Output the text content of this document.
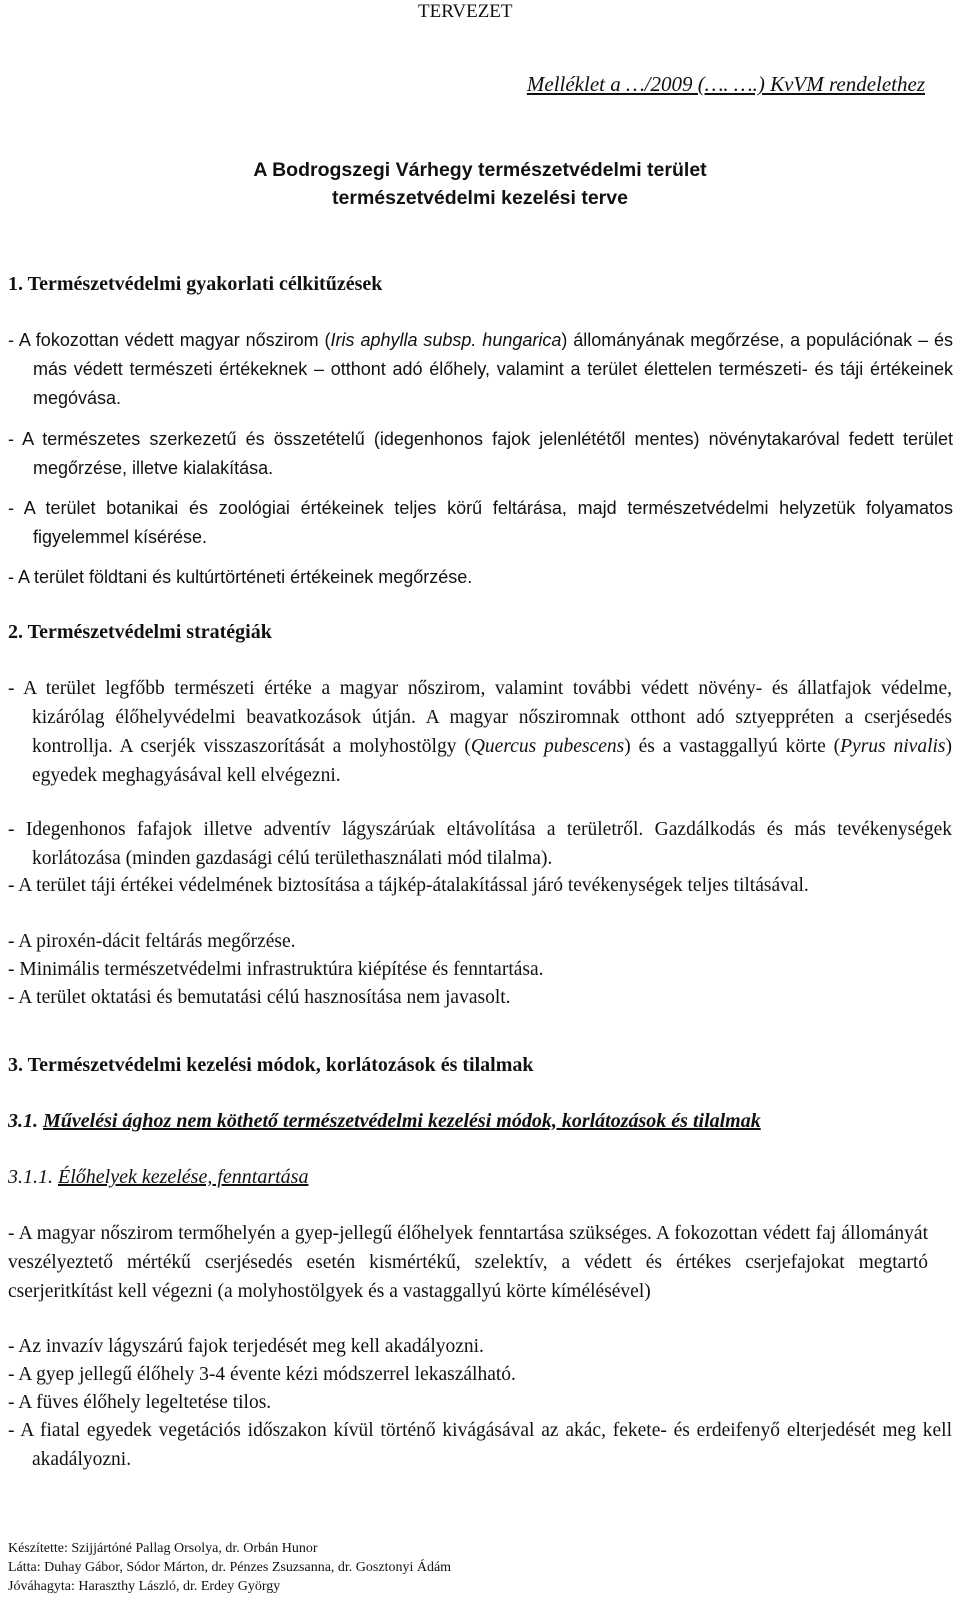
TERVEZET
Melléklet a …/2009 (…. ….) KvVM rendelethez
A Bodrogszegi Várhegy természetvédelmi terület
természetvédelmi kezelési terve
1. Természetvédelmi gyakorlati célkitűzések
- A fokozottan védett magyar nőszirom (Iris aphylla subsp. hungarica) állományának megőrzése, a populációnak – és más védett természeti értékeknek – otthont adó élőhely, valamint a terület élettelen természeti- és táji értékeinek megóvása.
- A természetes szerkezetű és összetételű (idegenhonos fajok jelenlététől mentes) növénytakaróval fedett terület megőrzése, illetve kialakítása.
- A terület botanikai és zoológiai értékeinek teljes körű feltárása, majd természetvédelmi helyzetük folyamatos figyelemmel kísérése.
- A terület földtani és kultúrtörténeti értékeinek megőrzése.
2. Természetvédelmi stratégiák
- A terület legfőbb természeti értéke a magyar nőszirom, valamint további védett növény- és állatfajok védelme, kizárólag élőhelyvédelmi beavatkozások útján. A magyar nősziromnak otthont adó sztyeppréten a cserjésedés kontrollja. A cserjék visszaszorítását a molyhostölgy (Quercus pubescens) és a vastaggallyú körte (Pyrus nivalis) egyedek meghagyásával kell elvégezni.
- Idegenhonos fafajok illetve adventív lágyszárúak eltávolítása a területről. Gazdálkodás és más tevékenységek korlátozása (minden gazdasági célú területhasználati mód tilalma).
- A terület táji értékei védelmének biztosítása a tájkép-átalakítással járó tevékenységek teljes tiltásával.
- A piroxén-dácit feltárás megőrzése.
- Minimális természetvédelmi infrastruktúra kiépítése és fenntartása.
- A terület oktatási és bemutatási célú hasznosítása nem javasolt.
3. Természetvédelmi kezelési módok, korlátozások és tilalmak
3.1. Művelési ághoz nem köthető természetvédelmi kezelési módok, korlátozások és tilalmak
3.1.1. Élőhelyek kezelése, fenntartása
- A magyar nőszirom termőhelyén a gyep-jellegű élőhelyek fenntartása szükséges. A fokozottan védett faj állományát veszélyeztető mértékű cserjésedés esetén kismértékű, szelektív, a védett és értékes cserjefajokat megtartó cserjeritkítást kell végezni (a molyhostölgyek és a vastaggallyú körte kímélésével)
- Az invazív lágyszárú fajok terjedését meg kell akadályozni.
- A gyep jellegű élőhely 3-4 évente kézi módszerrel lekaszálható.
- A füves élőhely legeltetése tilos.
- A fiatal egyedek vegetációs időszakon kívül történő kivágásával az akác, fekete- és erdeifenyő elterjedését meg kell akadályozni.
Készítette: Szijjártóné Pallag Orsolya, dr. Orbán Hunor
Látta: Duhay Gábor, Sódor Márton, dr. Pénzes Zsuzsanna, dr. Gosztonyi Ádám
Jóváhagyta: Haraszthy László, dr. Erdey György
